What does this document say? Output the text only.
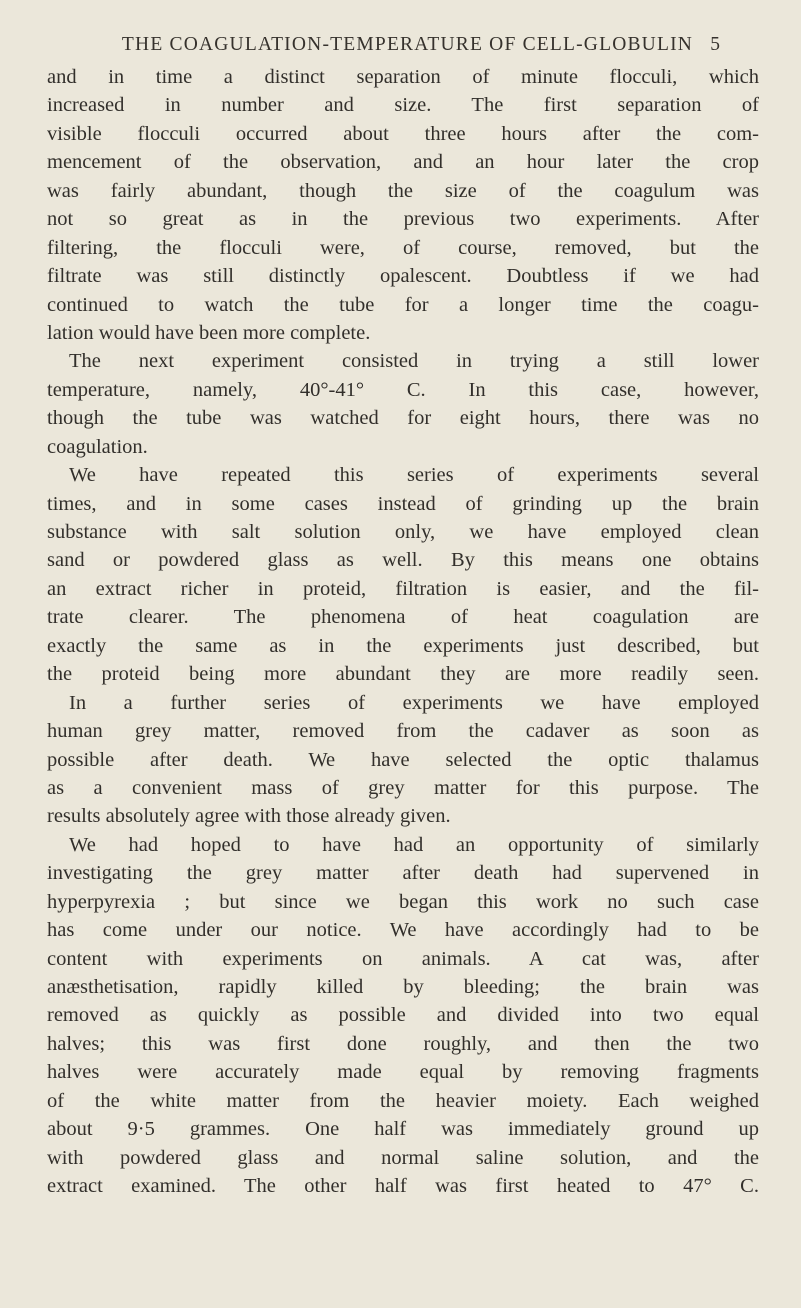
THE COAGULATION-TEMPERATURE OF CELL-GLOBULIN 5
and in time a distinct separation of minute flocculi, which
increased in number and size. The first separation of
visible flocculi occurred about three hours after the com-
mencement of the observation, and an hour later the crop
was fairly abundant, though the size of the coagulum was
not so great as in the previous two experiments. After
filtering, the flocculi were, of course, removed, but the
filtrate was still distinctly opalescent. Doubtless if we had
continued to watch the tube for a longer time the coagu-
lation would have been more complete.
The next experiment consisted in trying a still lower
temperature, namely, 40°-41° C. In this case, however,
though the tube was watched for eight hours, there was no
coagulation.
We have repeated this series of experiments several
times, and in some cases instead of grinding up the brain
substance with salt solution only, we have employed clean
sand or powdered glass as well. By this means one obtains
an extract richer in proteid, filtration is easier, and the fil-
trate clearer. The phenomena of heat coagulation are
exactly the same as in the experiments just described, but
the proteid being more abundant they are more readily seen.
In a further series of experiments we have employed
human grey matter, removed from the cadaver as soon as
possible after death. We have selected the optic thalamus
as a convenient mass of grey matter for this purpose. The
results absolutely agree with those already given.
We had hoped to have had an opportunity of similarly
investigating the grey matter after death had supervened in
hyperpyrexia ; but since we began this work no such case
has come under our notice. We have accordingly had to be
content with experiments on animals. A cat was, after
anæsthetisation, rapidly killed by bleeding; the brain was
removed as quickly as possible and divided into two equal
halves; this was first done roughly, and then the two
halves were accurately made equal by removing fragments
of the white matter from the heavier moiety. Each weighed
about 9·5 grammes. One half was immediately ground up
with powdered glass and normal saline solution, and the
extract examined. The other half was first heated to 47° C.
